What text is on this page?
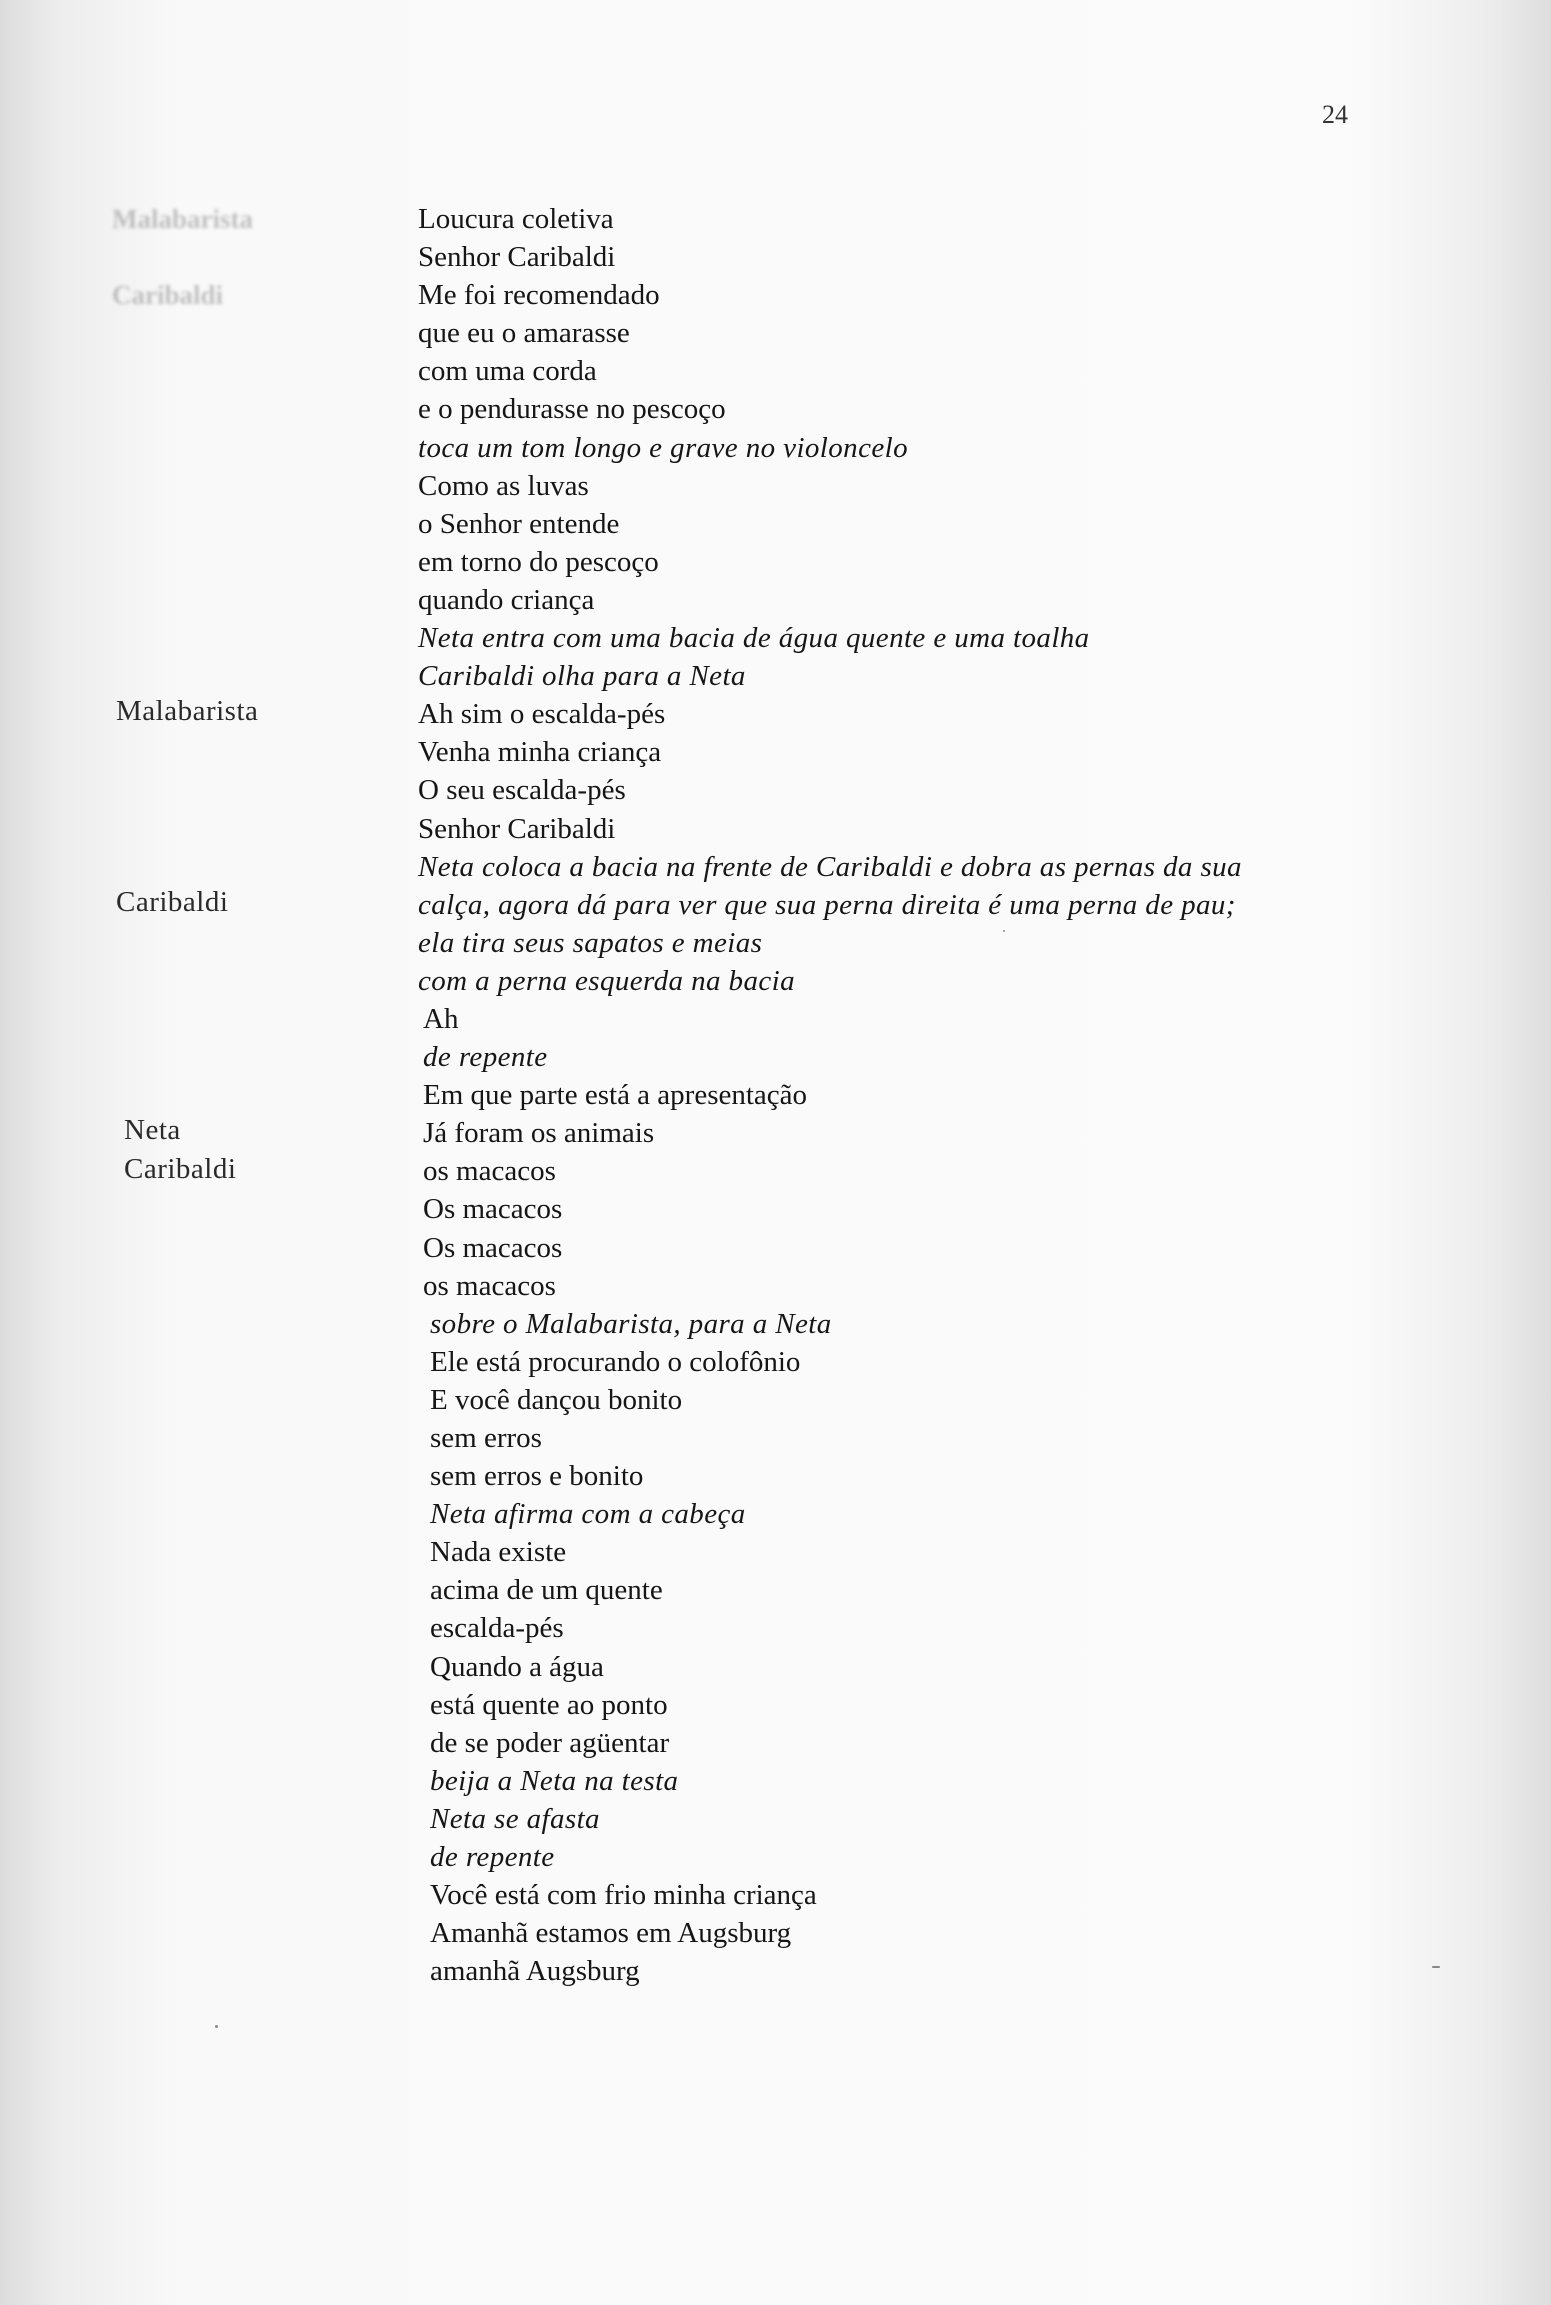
24
Malabarista
Caribaldi
Malabarista
Caribaldi
Neta
Caribaldi
Loucura coletiva
Senhor Caribaldi
Me foi recomendado
que eu o amarasse
com uma corda
e o pendurasse no pescoço
toca um tom longo e grave no violoncelo
Como as luvas
o Senhor entende
em torno do pescoço
quando criança
Neta entra com uma bacia de água quente e uma toalha
Caribaldi olha para a Neta
Ah sim o escalda-pés
Venha minha criança
O seu escalda-pés
Senhor Caribaldi
Neta coloca a bacia na frente de Caribaldi e dobra as pernas da sua
calça, agora dá para ver que sua perna direita é uma perna de pau;
ela tira seus sapatos e meias
com a perna esquerda na bacia
Ah
de repente
Em que parte está a apresentação
Já foram os animais
os macacos
Os macacos
Os macacos
os macacos
sobre o Malabarista, para a Neta
Ele está procurando o colofônio
E você dançou bonito
sem erros
sem erros e bonito
Neta afirma com a cabeça
Nada existe
acima de um quente
escalda-pés
Quando a água
está quente ao ponto
de se poder agüentar
beija a Neta na testa
Neta se afasta
de repente
Você está com frio minha criança
Amanhã estamos em Augsburg
amanhã Augsburg
